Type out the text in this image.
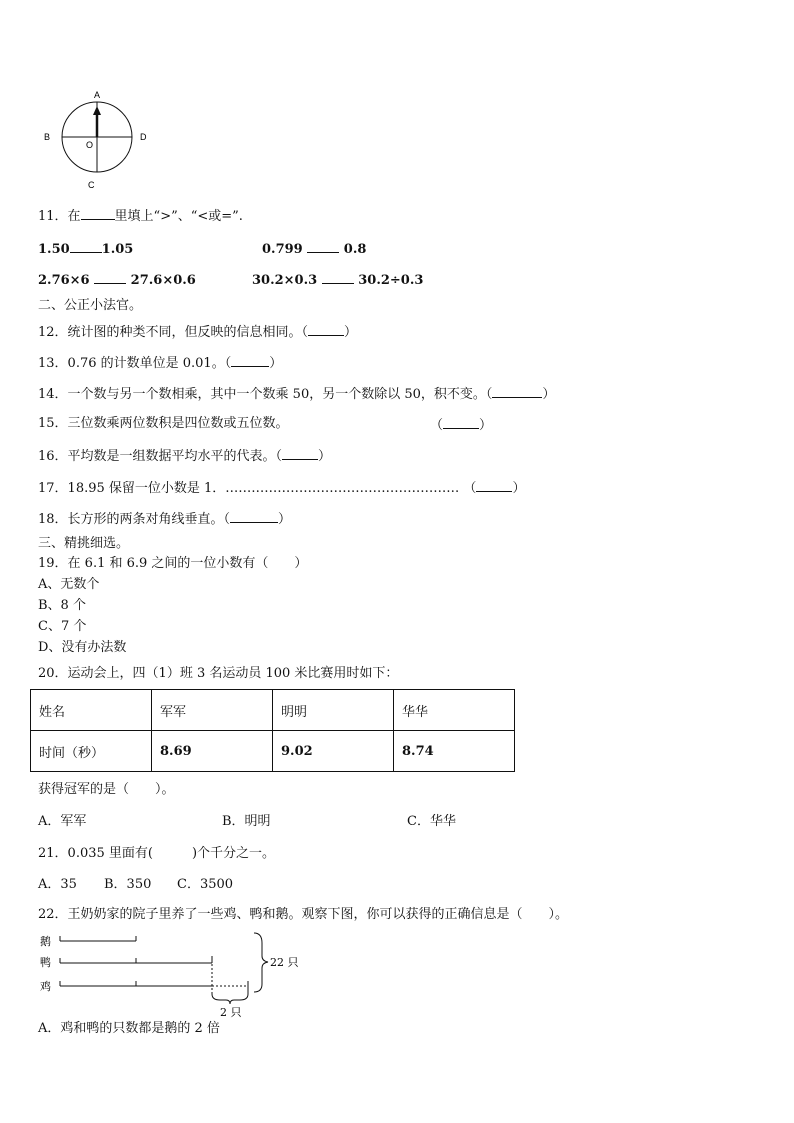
A
B
C
D
O
11．在	里填上“>”、“<或=”.
1.50 1.05	0.799	0.8
2.76×6	27.6×0.6	30.2×0.3	30.2÷0.3
二、公正小法官。
12．统计图的种类不同，但反映的信息相同。（	）
13．0.76 的计数单位是 0.01。（	）
14．一个数与另一个数相乘，其中一个数乘 50，另一个数除以 50，积不变。（	）
15．三位数乘两位数积是四位数或五位数。	（	）
16．平均数是一组数据平均水平的代表。（	）
17．18.95 保留一位小数是 1．……………………………………………… （	）
18．长方形的两条对角线垂直。（	）
三、精挑细选。
19．在 6.1 和 6.9 之间的一位小数有（　　）
A、无数个
B、8 个
C、7 个
D、没有办法数
20．运动会上，四（1）班 3 名运动员 100 米比赛用时如下：
姓名	军军	明明	华华
时间（秒）	8.69	9.02	8.74
获得冠军的是（　　）。
A．军军	B．明明	C．华华
21．0.035 里面有(　　　)个千分之一。
A．35 B．350 C．3500
22．王奶奶家的院子里养了一些鸡、鸭和鹅。观察下图，你可以获得的正确信息是（　　）。
鹅
鸭
鸡
22 只
2 只
A．鸡和鸭的只数都是鹅的 2 倍
